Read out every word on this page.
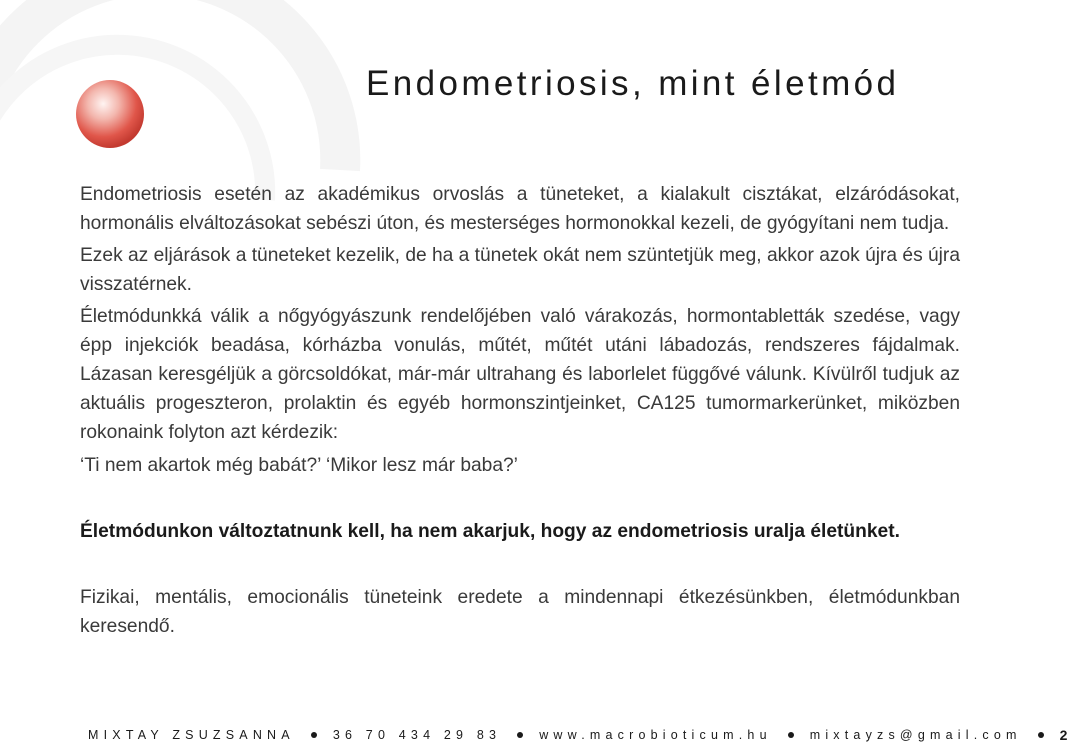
Endometriosis, mint életmód

Endometriosis esetén az akadémikus orvoslás a tüneteket, a kialakult cisztákat, elzáródásokat, hormonális elváltozásokat sebészi úton, és mesterséges hormonokkal kezeli, de gyógyítani nem tudja.

Ezek az eljárások a tüneteket kezelik, de ha a tünetek okát nem szüntetjük meg, akkor azok újra és újra visszatérnek.

Életmódunkká válik a nőgyógyászunk rendelőjében való várakozás, hormontabletták szedése, vagy épp injekciók beadása, kórházba vonulás, műtét, műtét utáni lábadozás, rendszeres fájdalmak. Lázasan keresgéljük a görcsoldókat, már-már ultrahang és laborlelet függővé válunk. Kívülről tudjuk az aktuális progeszteron, prolaktin és egyéb hormonszintjeinket, CA125 tumormarkerünket, miközben rokonaink folyton azt kérdezik:

‘Ti nem akartok még babát?’ ‘Mikor lesz már baba?’

Életmódunkon változtatnunk kell, ha nem akarjuk, hogy az endometriosis uralja életünket.

Fizikai, mentális, emocionális tüneteink eredete a mindennapi étkezésünkben, életmódunkban keresendő.

MIXTAY ZSUZSANNA	36 70 434 29 83	www.macrobioticum.hu	mixtayzs@gmail.com	2
